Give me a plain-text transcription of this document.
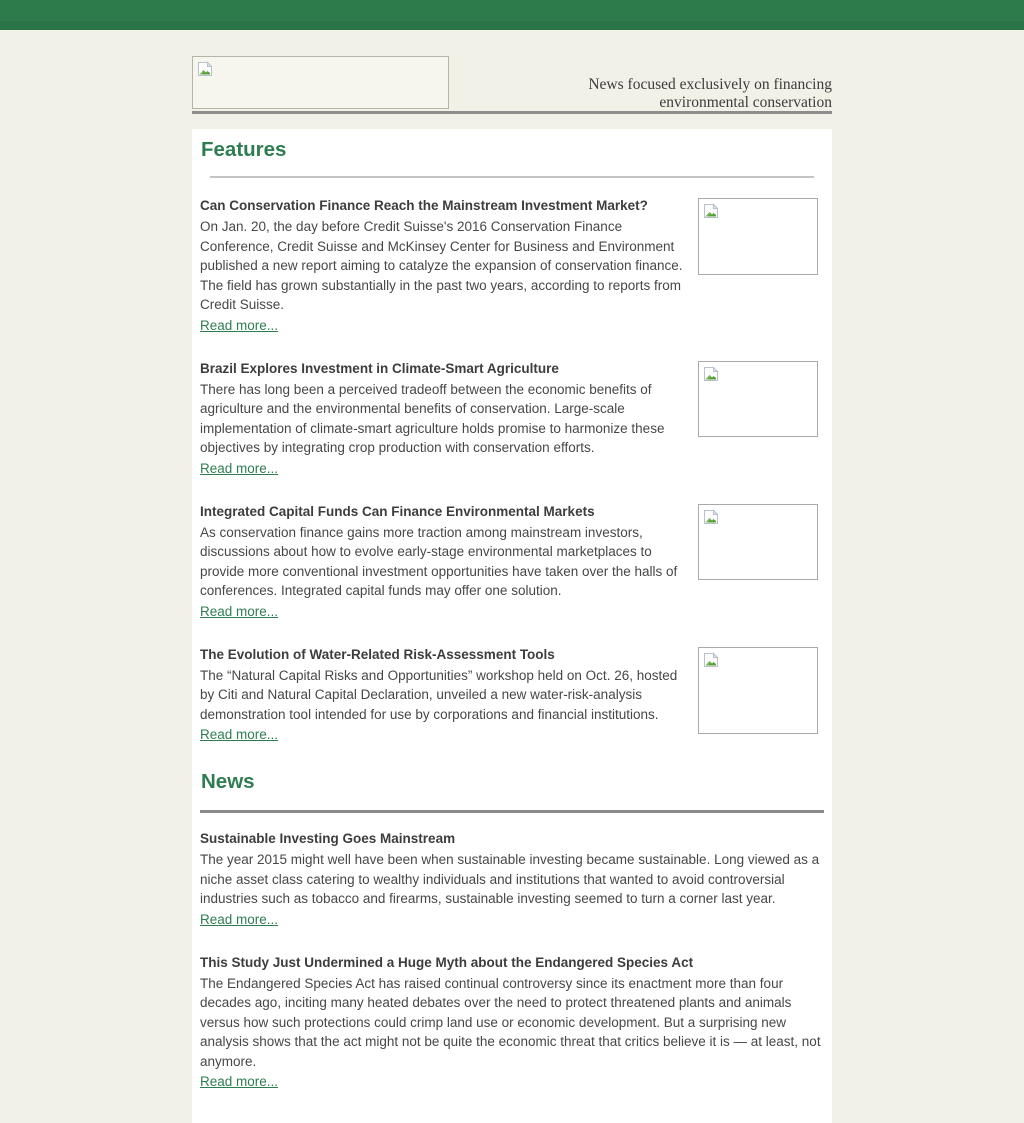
News focused exclusively on financing environmental conservation
Features

Can Conservation Finance Reach the Mainstream Investment Market?

On Jan. 20, the day before Credit Suisse's 2016 Conservation Finance Conference, Credit Suisse and McKinsey Center for Business and Environment published a new report aiming to catalyze the expansion of conservation finance. The field has grown substantially in the past two years, according to reports from Credit Suisse.

Read more...

Brazil Explores Investment in Climate-Smart Agriculture

There has long been a perceived tradeoff between the economic benefits of agriculture and the environmental benefits of conservation. Large-scale implementation of climate-smart agriculture holds promise to harmonize these objectives by integrating crop production with conservation efforts.

Read more...

Integrated Capital Funds Can Finance Environmental Markets

As conservation finance gains more traction among mainstream investors, discussions about how to evolve early-stage environmental marketplaces to provide more conventional investment opportunities have taken over the halls of conferences. Integrated capital funds may offer one solution.

Read more...

The Evolution of Water-Related Risk-Assessment Tools

The “Natural Capital Risks and Opportunities” workshop held on Oct. 26, hosted by Citi and Natural Capital Declaration, unveiled a new water-risk-analysis demonstration tool intended for use by corporations and financial institutions.

Read more...
News

Sustainable Investing Goes Mainstream

The year 2015 might well have been when sustainable investing became sustainable. Long viewed as a niche asset class catering to wealthy individuals and institutions that wanted to avoid controversial industries such as tobacco and firearms, sustainable investing seemed to turn a corner last year.

Read more...

This Study Just Undermined a Huge Myth about the Endangered Species Act

The Endangered Species Act has raised continual controversy since its enactment more than four decades ago, inciting many heated debates over the need to protect threatened plants and animals versus how such protections could crimp land use or economic development. But a surprising new analysis shows that the act might not be quite the economic threat that critics believe it is — at least, not anymore.

Read more...
